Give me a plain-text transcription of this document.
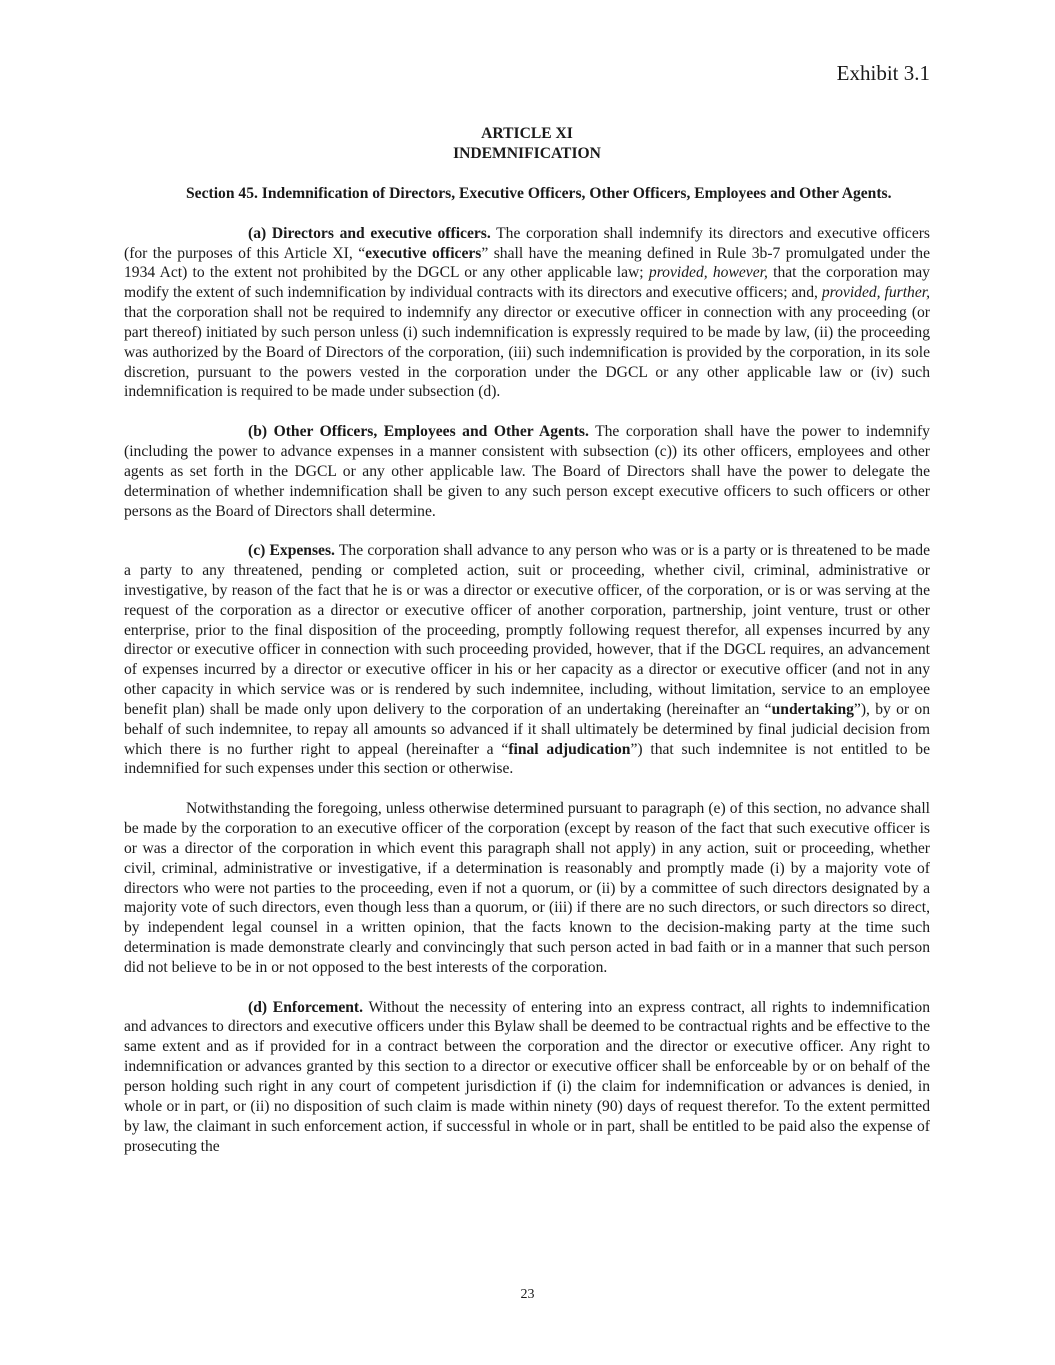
Exhibit 3.1
ARTICLE XI
INDEMNIFICATION

Section 45. Indemnification of Directors, Executive Officers, Other Officers, Employees and Other Agents.

(a) Directors and executive officers. The corporation shall indemnify its directors and executive officers (for the purposes of this Article XI, “executive officers” shall have the meaning defined in Rule 3b-7 promulgated under the 1934 Act) to the extent not prohibited by the DGCL or any other applicable law; provided, however, that the corporation may modify the extent of such indemnification by individual contracts with its directors and executive officers; and, provided, further, that the corporation shall not be required to indemnify any director or executive officer in connection with any proceeding (or part thereof) initiated by such person unless (i) such indemnification is expressly required to be made by law, (ii) the proceeding was authorized by the Board of Directors of the corporation, (iii) such indemnification is provided by the corporation, in its sole discretion, pursuant to the powers vested in the corporation under the DGCL or any other applicable law or (iv) such indemnification is required to be made under subsection (d).

(b) Other Officers, Employees and Other Agents. The corporation shall have the power to indemnify (including the power to advance expenses in a manner consistent with subsection (c)) its other officers, employees and other agents as set forth in the DGCL or any other applicable law. The Board of Directors shall have the power to delegate the determination of whether indemnification shall be given to any such person except executive officers to such officers or other persons as the Board of Directors shall determine.

(c) Expenses. The corporation shall advance to any person who was or is a party or is threatened to be made a party to any threatened, pending or completed action, suit or proceeding, whether civil, criminal, administrative or investigative, by reason of the fact that he is or was a director or executive officer, of the corporation, or is or was serving at the request of the corporation as a director or executive officer of another corporation, partnership, joint venture, trust or other enterprise, prior to the final disposition of the proceeding, promptly following request therefor, all expenses incurred by any director or executive officer in connection with such proceeding provided, however, that if the DGCL requires, an advancement of expenses incurred by a director or executive officer in his or her capacity as a director or executive officer (and not in any other capacity in which service was or is rendered by such indemnitee, including, without limitation, service to an employee benefit plan) shall be made only upon delivery to the corporation of an undertaking (hereinafter an “undertaking”), by or on behalf of such indemnitee, to repay all amounts so advanced if it shall ultimately be determined by final judicial decision from which there is no further right to appeal (hereinafter a “final adjudication”) that such indemnitee is not entitled to be indemnified for such expenses under this section or otherwise.

Notwithstanding the foregoing, unless otherwise determined pursuant to paragraph (e) of this section, no advance shall be made by the corporation to an executive officer of the corporation (except by reason of the fact that such executive officer is or was a director of the corporation in which event this paragraph shall not apply) in any action, suit or proceeding, whether civil, criminal, administrative or investigative, if a determination is reasonably and promptly made (i) by a majority vote of directors who were not parties to the proceeding, even if not a quorum, or (ii) by a committee of such directors designated by a majority vote of such directors, even though less than a quorum, or (iii) if there are no such directors, or such directors so direct, by independent legal counsel in a written opinion, that the facts known to the decision-making party at the time such determination is made demonstrate clearly and convincingly that such person acted in bad faith or in a manner that such person did not believe to be in or not opposed to the best interests of the corporation.

(d) Enforcement. Without the necessity of entering into an express contract, all rights to indemnification and advances to directors and executive officers under this Bylaw shall be deemed to be contractual rights and be effective to the same extent and as if provided for in a contract between the corporation and the director or executive officer. Any right to indemnification or advances granted by this section to a director or executive officer shall be enforceable by or on behalf of the person holding such right in any court of competent jurisdiction if (i) the claim for indemnification or advances is denied, in whole or in part, or (ii) no disposition of such claim is made within ninety (90) days of request therefor. To the extent permitted by law, the claimant in such enforcement action, if successful in whole or in part, shall be entitled to be paid also the expense of prosecuting the

23
